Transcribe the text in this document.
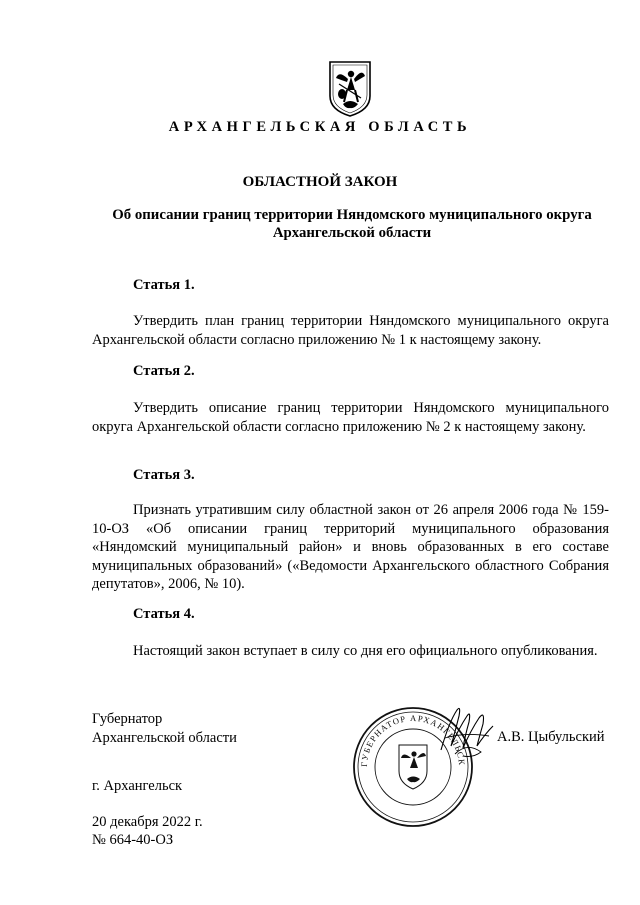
АРХАНГЕЛЬСКАЯ ОБЛАСТЬ
ОБЛАСТНОЙ ЗАКОН
Об описании границ территории Няндомского муниципального округа Архангельской области
Статья 1.

Утвердить план границ территории Няндомского муниципального округа Архангельской области согласно приложению № 1 к настоящему закону.

Статья 2.

Утвердить описание границ территории Няндомского муниципального округа Архангельской области согласно приложению № 2 к настоящему закону.

Статья 3.

Признать утратившим силу областной закон от 26 апреля 2006 года № 159-10-ОЗ «Об описании границ территорий муниципального образования «Няндомский муниципальный район» и вновь образованных в его составе муниципальных образований» («Ведомости Архангельского областного Собрания депутатов», 2006, № 10).

Статья 4.

Настоящий закон вступает в силу со дня его официального опубликования.

Губернатор
Архангельской области	А.В. Цыбульский
ГУБЕРНАТОР АРХАНГЕЛЬСК
г. Архангельск
20 декабря 2022 г.
№ 664-40-ОЗ
